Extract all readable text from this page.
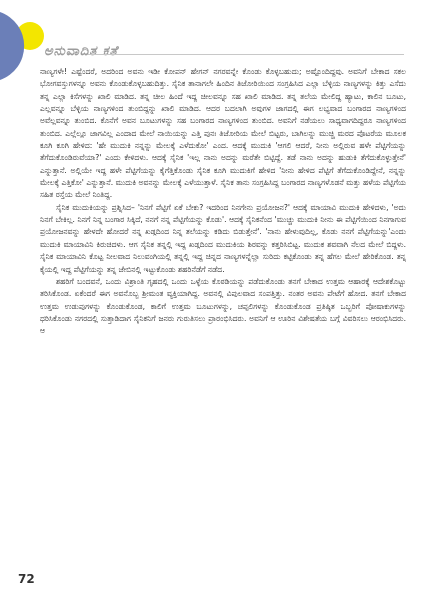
ಅನುವಾದಿತ ಕತೆ

ನಾಣ್ಯಗಳೇ! ಎಷ್ಟೆಂದರೆ, ಅದರಿಂದ ಅವನು ಇಡೀ ಕೋಪನ್ ಹೇಗನ್ ನಗರವನ್ನೇ ಕೊಂಡು ಕೊಳ್ಳಬಹುದು; ಅಷ್ಟೊಂದಿದ್ದವು. ಅವನಿಗೆ ಬೇಕಾದ ಸಕಲ ಭೋಗವಸ್ತುಗಳನ್ನೂ ಅವನು ಕೊಂಡುಕೊಳ್ಳಬಹುದಿತ್ತು. ಸೈನಿಕ ತಾನಾಗಲೇ ಹಿಂದಿನ ತಿಜೋರಿಯಿಂದ ಸಂಗ್ರಹಿಸಿದ ಎಲ್ಲಾ ಬೆಳ್ಳಿಯ ನಾಣ್ಯಗಳನ್ನು ಕಿತ್ತು ಎಸೆದು ತನ್ನ ಎಲ್ಲಾ ಕಿಸೆಗಳನ್ನು ಖಾಲಿ ಮಾಡಿದ. ತನ್ನ ಚೀಲ ಹಿಂದೆ ಇದ್ದ ಚೀಲವನ್ನೂ ಸಹ ಖಾಲಿ ಮಾಡಿದ. ತನ್ನ ತಲೆಯ ಮೇಲಿದ್ದ ಹ್ಯಾಟು, ಕಾಲಿನ ಬೂಟು, ಎಲ್ಲವನ್ನೂ ಬೆಳ್ಳಿಯ ನಾಣ್ಯಗಳಿಂದ ತುಂಬಿದ್ದನ್ನು ಖಾಲಿ ಮಾಡಿದ. ಆದರ ಬದಲಾಗಿ ಅವುಗಳ ಜಾಗದಲ್ಲಿ ಈಗ ಲಭ್ಯವಾದ ಬಂಗಾರದ ನಾಣ್ಯಗಳಿಂದ ಅವೆಲ್ಲವನ್ನೂ ತುಂಬಿದ. ಕೊನೆಗೆ ಅವನ ಬೂಟುಗಳನ್ನು ಸಹ ಬಂಗಾರದ ನಾಣ್ಯಗಳಿಂದ ತುಂಬಿದ. ಅವನಿಗೆ ನಡೆಯಲು ಸಾಧ್ಯವಾಗದಿದ್ದರೂ ನಾಣ್ಯಗಳಿಂದ ತುಂಬಿದ. ಎಲ್ಲೆಲ್ಲೂ ಜಾಗವಿಲ್ಲ ಎಂದಾದ ಮೇಲೆ ನಾಯಿಯನ್ನು ಎತ್ತಿ ಪುನಃ ತಿಜೋರಿಯ ಮೇಲೆ ಬಿಟ್ಟರು, ಬಾಗಿಲನ್ನು ಮುಚ್ಚಿ ಮರದ ಪೊಟರೆಯ ಮೂಲಕ ಕೂಗಿ ಕೂಗಿ ಹೇಳಿದ: 'ಹೇ ಮುದುಕಿ ನನ್ನನ್ನು ಮೇಲಕ್ಕೆ ಎಳೆದುಕೋ' ಎಂದ. ಆದಕ್ಕೆ ಮುದುಕಿ 'ಆಗಲಿ ಆದರೆ, ನೀನು ಅಲ್ಲಿರುವ ಹಳೇ ಪೆಟ್ಟಿಗೆಯನ್ನು ತೆಗೆದುಕೊಂಡಿರುವೆಯಾ?' ಎಂದು ಕೇಳಿದಳು. ಆದಕ್ಕೆ ಸೈನಿಕ 'ಇಲ್ಲ ನಾನು ಅದನ್ನು ಮರೆತೇ ಬಿಟ್ಟಿದ್ದೆ. ತಡೆ ನಾನು ಅದನ್ನು ಹುಡುಕಿ ತೆಗೆದುಕೊಳ್ಳುತ್ತೇನೆ' ಎನ್ನುತ್ತಾನೆ. ಅಲ್ಲಿಯೇ ಇದ್ದ ಹಳೇ ಪೆಟ್ಟಿಗೆಯನ್ನು ಕೈಗೆತ್ತಿಕೊಂಡು ಸೈನಿಕ ಕೂಗಿ ಮುದುಕಿಗೆ ಹೇಳಿದ 'ನೀನು ಹೇಳಿದ ಪೆಟ್ಟಿಗೆ ತೆಗೆದುಕೊಂಡಿದ್ದೇನೆ, ನನ್ನನ್ನು ಮೇಲಕ್ಕೆ ಎತ್ತಿಕೋ' ಎನ್ನುತ್ತಾನೆ. ಮುದುಕಿ ಅವನನ್ನು ಮೇಲಕ್ಕೆ ಎಳೆಯುತ್ತಾಳೆ. ಸೈನಿಕ ತಾನು ಸಂಗ್ರಹಿಸಿದ್ದ ಬಂಗಾರದ ನಾಣ್ಯಗಳೊಡನೆ ಮತ್ತು ಹಳೆಯ ಪೆಟ್ಟಿಗೆಯ ಸಹಿತ ರಸ್ತೆಯ ಮೇಲೆ ನಿಂತಿದ್ದ.

ಸೈನಿಕ ಮುದುಕಿಯನ್ನು ಪ್ರಶ್ನಿಸಿದ– 'ನಿನಗೆ ಪೆಟ್ಟಿಗೆ ಏಕೆ ಬೇಕು? ಇದರಿಂದ ನಿನಗೇನು ಪ್ರಯೋಜನ?' ಆದಕ್ಕೆ ಮಾಯಾವಿ ಮುದುಕಿ ಹೇಳಿದಳು, 'ಅದು ನಿನಗೆ ಬೇಕಿಲ್ಲ. ನಿನಗೆ ನಿನ್ನ ಬಂಗಾರ ಸಿಕ್ಕಿದೆ, ನನಗೆ ನನ್ನ ಪೆಟ್ಟಿಗೆಯನ್ನು ಕೊಡು'. ಆದಕ್ಕೆ ಸೈನಿಕನೆಂದ 'ಮುಚ್ಚು ಮುದುಕಿ ನೀನು ಈ ಪೆಟ್ಟಿಗೆಯಿಂದ ನಿನಗಾಗುವ ಪ್ರಯೋಜನವನ್ನು ಹೇಳದೇ ಹೋದರೆ ನನ್ನ ಖಡ್ಗದಿಂದ ನಿನ್ನ ತಲೆಯನ್ನು ಕಡಿದು ಬಿಡುತ್ತೇನೆ'. 'ನಾನು ಹೇಳುವುದಿಲ್ಲ, ಕೊಡು ನನಗೆ ಪೆಟ್ಟಿಗೆಯನ್ನು'ಎಂದು ಮುದುಕಿ ಮಾಯಾವಿನಿ ಕಿರುಚಿದಳು. ಆಗ ಸೈನಿಕ ತನ್ನಲ್ಲಿ ಇದ್ದ ಖಡ್ಗದಿಂದ ಮುದುಕಿಯ ಶಿರವನ್ನು ಕತ್ತರಿಸಿಬಿಟ್ಟ. ಮುದುಕ ಶವವಾಗಿ ನೆಲದ ಮೇಲೆ ಬಿದ್ದಳು. ಸೈನಿಕ ಮಾಯಾವಿನಿ ಕೊಟ್ಟ ನೀಲವಾದ ನಿಲುವಂಗಿಯಲ್ಲಿ ತನ್ನಲ್ಲಿ ಇದ್ದ ಚಿನ್ನದ ನಾಣ್ಯಗಳನ್ನೆಲ್ಲಾ ಸುರಿದು ಕಟ್ಟಿಕೊಂಡು ತನ್ನ ಹೆಗಲ ಮೇಲೆ ಹೇರಿಕೊಂಡ. ತನ್ನ ಕೈಯಲ್ಲಿ ಇದ್ದ ಪೆಟ್ಟಿಗೆಯನ್ನು ತನ್ನ ಜೇಬಿನಲ್ಲಿ ಇಟ್ಟುಕೊಂಡು ಶಹರಿನೆಡೆಗೆ ನಡೆದ.

ಶಹರಿಗೆ ಬಂದವನೆ, ಒಂದು ವಿಶ್ರಾಂತಿ ಗೃಹದಲ್ಲಿ ಒಂದು ಒಳ್ಳೆಯ ಕೊಠಡಿಯನ್ನು ಪಡೆದುಕೊಂಡು ತನಗೆ ಬೇಕಾದ ಉತ್ತಮ ಆಹಾರಕ್ಕೆ ಆದೇಶಕೊಟ್ಟು ತರಿಸಿಕೊಂಡ. ಏಕೆಂದರೆ ಈಗ ಅವನೊಬ್ಬ ಶ್ರೀಮಂತ ವ್ಯಕ್ತಿಯಾಗಿದ್ದ. ಅವನಲ್ಲಿ ವಿಪುಲವಾದ ಸಂಪತ್ತಿತ್ತು. ನಂತರ ಅವನು ಪೇಟೆಗೆ ಹೋದ. ತನಗೆ ಬೇಕಾದ ಉತ್ತಮ ಉಡುಪುಗಳನ್ನು ಕೊಂಡುಕೊಂಡ, ಕಾಲಿಗೆ ಉತ್ತಮ ಬೂಟುಗಳನ್ನು, ಚಪ್ಪಲಿಗಳನ್ನು ಕೊಂಡುಕೊಂಡ ಪ್ರತಿಷ್ಠಿತ ಒಬ್ಬರಿಗೆ ಪೋಷಾಕುಗಳನ್ನು ಧರಿಸಿಕೊಂಡು ನಗರದಲ್ಲಿ ಸುತ್ತಾಡಿದಾಗ ಸೈನಿಕನಿಗೆ ಜನರು ಗುರುತಿಸಲು ಪ್ರಾರಂಭಿಸಿದರು. ಅವನಿಗೆ ಆ ಊರಿನ ವಿಶೇಷತೆಯ ಬಗ್ಗೆ ವಿವರಿಸಲು ಆರಂಭಿಸಿದರು. ಆ

72
